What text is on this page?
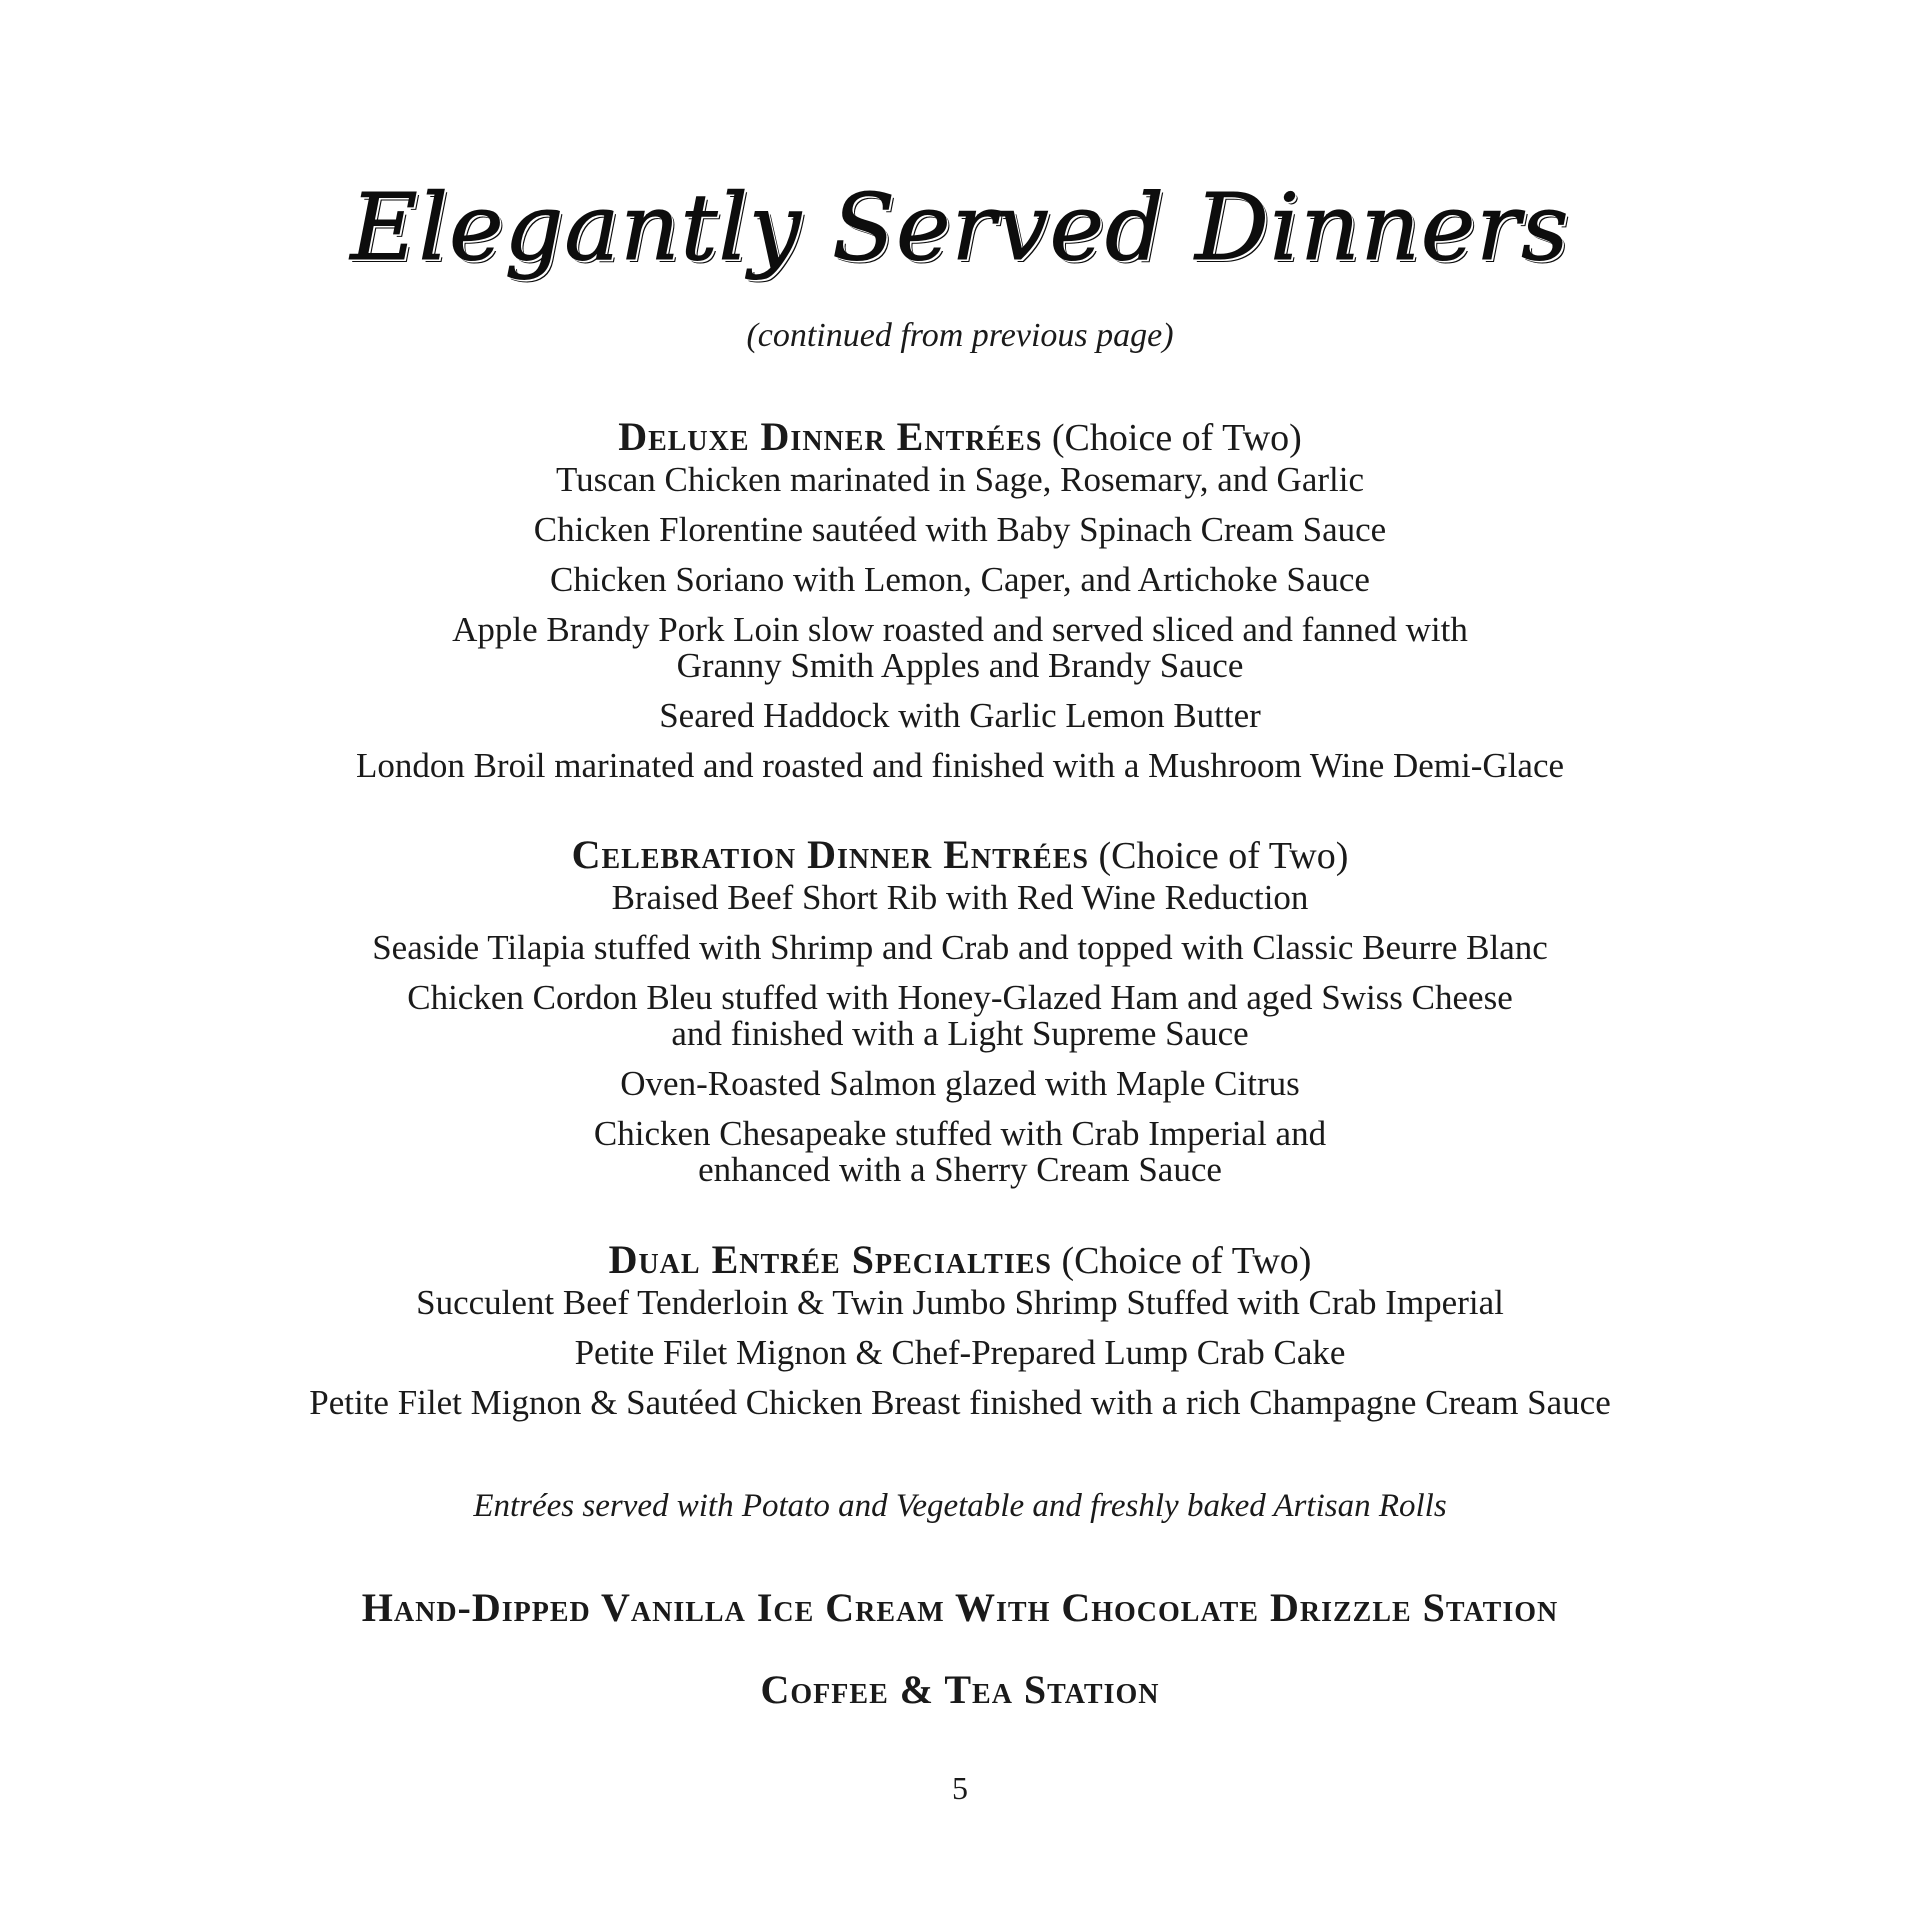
Elegantly Served Dinners
(continued from previous page)
Deluxe Dinner Entrées (Choice of Two)
Tuscan Chicken marinated in Sage, Rosemary, and Garlic
Chicken Florentine sautéed with Baby Spinach Cream Sauce
Chicken Soriano with Lemon, Caper, and Artichoke Sauce
Apple Brandy Pork Loin slow roasted and served sliced and fanned with
Granny Smith Apples and Brandy Sauce
Seared Haddock with Garlic Lemon Butter
London Broil marinated and roasted and finished with a Mushroom Wine Demi-Glace
Celebration Dinner Entrées (Choice of Two)
Braised Beef Short Rib with Red Wine Reduction
Seaside Tilapia stuffed with Shrimp and Crab and topped with Classic Beurre Blanc
Chicken Cordon Bleu stuffed with Honey-Glazed Ham and aged Swiss Cheese
and finished with a Light Supreme Sauce
Oven-Roasted Salmon glazed with Maple Citrus
Chicken Chesapeake stuffed with Crab Imperial and
enhanced with a Sherry Cream Sauce
Dual Entrée Specialties (Choice of Two)
Succulent Beef Tenderloin & Twin Jumbo Shrimp Stuffed with Crab Imperial
Petite Filet Mignon & Chef-Prepared Lump Crab Cake
Petite Filet Mignon & Sautéed Chicken Breast finished with a rich Champagne Cream Sauce
Entrées served with Potato and Vegetable and freshly baked Artisan Rolls
Hand-Dipped Vanilla Ice Cream With Chocolate Drizzle Station
Coffee & Tea Station
5
